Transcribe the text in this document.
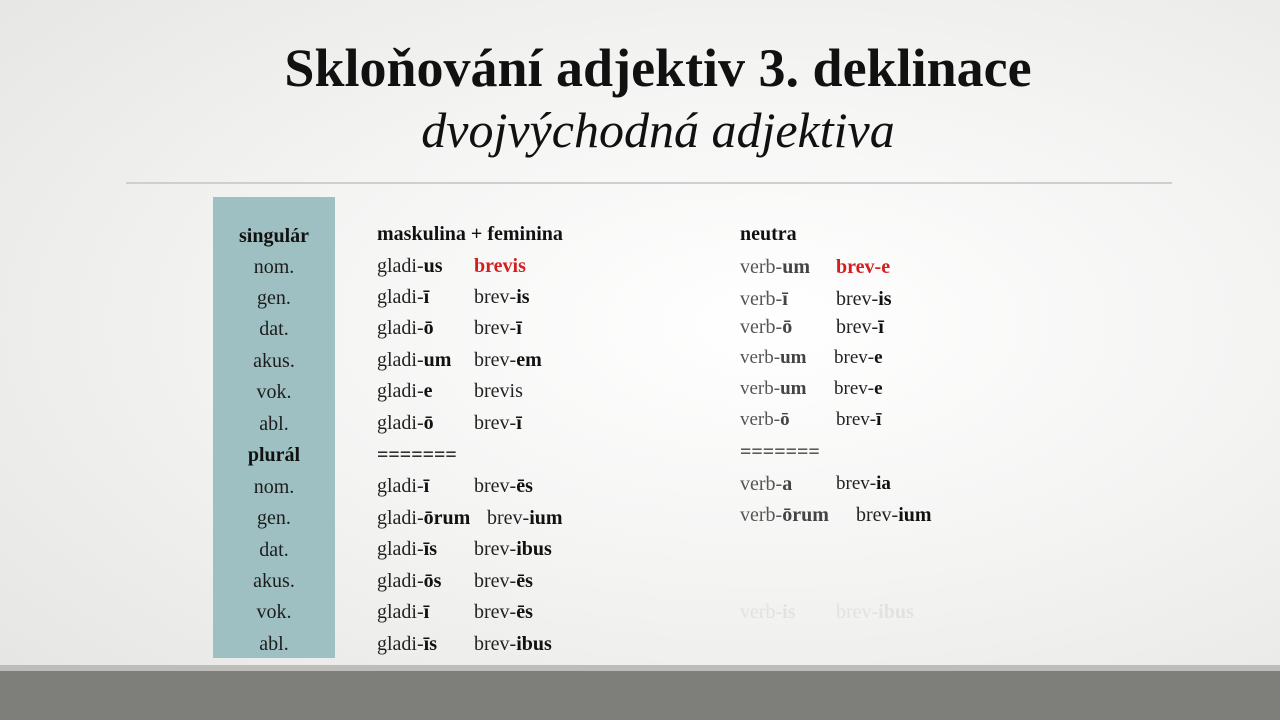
Skloňování adjektiv 3. deklinace
dvojvýchodná adjektiva
singulár
nom.
gen.
dat.
akus.
vok.
abl.
plurál
nom.
gen.
dat.
akus.
vok.
abl.
maskulina + feminina
gladi-us brevis
gladi-ī brev-is
gladi-ō brev-ī
gladi-um brev-em
gladi-e brevis
gladi-ō brev-ī
=======
gladi-ī brev-ēs
gladi-ōrum brev-ium
gladi-īs brev-ibus
gladi-ōs brev-ēs
gladi-ī brev-ēs
gladi-īs brev-ibus
neutra
verb-um brev-e
verb-ī brev-is
verb-ō brev-ī
verb-um brev-e
verb-um brev-e
verb-ō brev-ī
=======
verb-a brev-ia
verb-ōrum brev-ium
verb-is brev-ibus
